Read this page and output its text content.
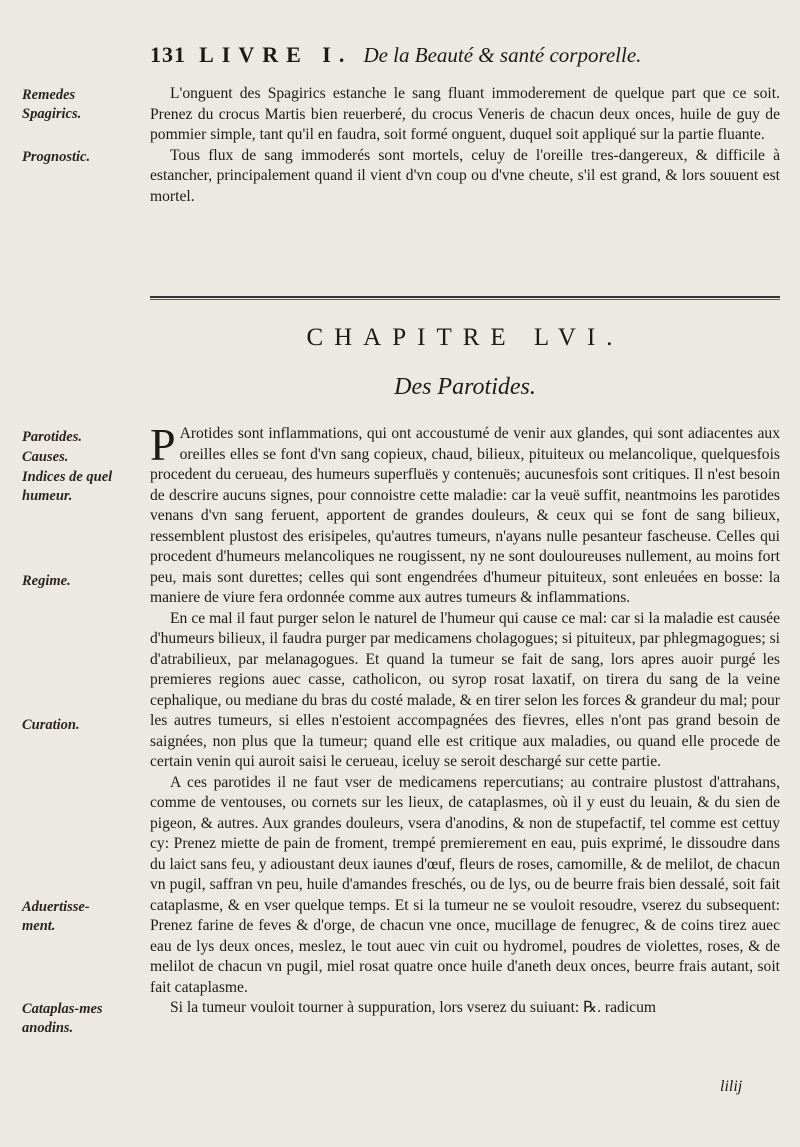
131 LIVRE I. De la Beauté & santé corporelle.
Remedes Spagirics.
Prognostic.

L'onguent des Spagirics estanche le sang fluant immoderement de quelque part que ce soit. Prenez du crocus Martis bien reuerberé, du crocus Veneris de chacun deux onces, huile de guy de pommier simple, tant qu'il en faudra, soit formé onguent, duquel soit appliqué sur la partie fluante.

Tous flux de sang immoderés sont mortels, celuy de l'oreille tres-dangereux, & difficile à estancher, principalement quand il vient d'vn coup ou d'vne cheute, s'il est grand, & lors souuent est mortel.

CHAPITRE LVI.
Des Parotides.
Parotides.
Causes.
Indices de quel humeur.
Regime.
Curation.
Aduertisse-ment.
Cataplas-mes anodins.

P Arotides sont inflammations, qui ont accoustumé de venir aux glandes, qui sont adiacentes aux oreilles elles se font d'vn sang copieux, chaud, bilieux, pituiteux ou melancolique, quelquesfois procedent du cerueau, des humeurs superfluës y contenuës; aucunesfois sont critiques. Il n'est besoin de descrire aucuns signes, pour connoistre cette maladie: car la veuë suffit, neantmoins les parotides venans d'vn sang feruent, apportent de grandes douleurs, & ceux qui se font de sang bilieux, ressemblent plustost des erisipeles, qu'autres tumeurs, n'ayans nulle pesanteur fascheuse. Celles qui procedent d'humeurs melancoliques ne rougissent, ny ne sont douloureuses nullement, au moins fort peu, mais sont durettes; celles qui sont engendrées d'humeur pituiteux, sont enleuées en bosse: la maniere de viure fera ordonnée comme aux autres tumeurs & inflammations.

En ce mal il faut purger selon le naturel de l'humeur qui cause ce mal: car si la maladie est causée d'humeurs bilieux, il faudra purger par medicamens cholagogues; si pituiteux, par phlegmagogues; si d'atrabilieux, par melanagogues. Et quand la tumeur se fait de sang, lors apres auoir purgé les premieres regions auec casse, catholicon, ou syrop rosat laxatif, on tirera du sang de la veine cephalique, ou mediane du bras du costé malade, & en tirer selon les forces & grandeur du mal; pour les autres tumeurs, si elles n'estoient accompagnées des fievres, elles n'ont pas grand besoin de saignées, non plus que la tumeur; quand elle est critique aux maladies, ou quand elle procede de certain venin qui auroit saisi le cerueau, iceluy se seroit deschargé sur cette partie.

A ces parotides il ne faut vser de medicamens repercutians; au contraire plustost d'attrahans, comme de ventouses, ou cornets sur les lieux, de cataplasmes, où il y eust du leuain, & du sien de pigeon, & autres. Aux grandes douleurs, vsera d'anodins, & non de stupefactif, tel comme est cettuy cy: Prenez miette de pain de froment, trempé premierement en eau, puis exprimé, le dissoudre dans du laict sans feu, y adioustant deux iaunes d'œuf, fleurs de roses, camomille, & de melilot, de chacun vn pugil, saffran vn peu, huile d'amandes freschés, ou de lys, ou de beurre frais bien dessalé, soit fait cataplasme, & en vser quelque temps. Et si la tumeur ne se vouloit resoudre, vserez du subsequent: Prenez farine de feves & d'orge, de chacun vne once, mucillage de fenugrec, & de coins tirez auec eau de lys deux onces, meslez, le tout auec vin cuit ou hydromel, poudres de violettes, roses, & de melilot de chacun vn pugil, miel rosat quatre once huile d'aneth deux onces, beurre frais autant, soit fait cataplasme.

Si la tumeur vouloit tourner à suppuration, lors vserez du suiuant: ℞. radicum

lilij
